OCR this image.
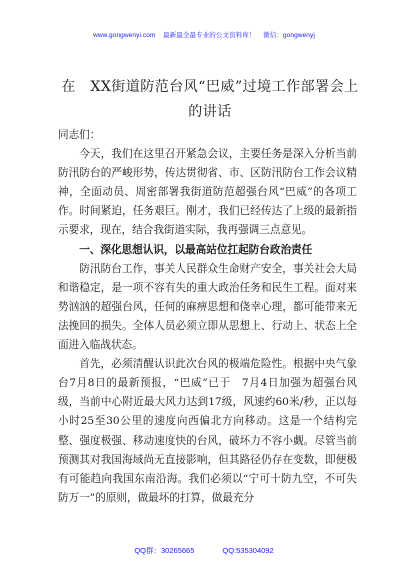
www.gongwenyi.com 最新最全最专业的公文资料库！ 微信：gongwenyj
在　XX街道防范台风“巴威”过境工作部署会上的讲话

同志们：

今天，我们在这里召开紧急会议，主要任务是深入分析当前防汛防台的严峻形势，传达贯彻省、市、区防汛防台工作会议精神，全面动员、周密部署我街道防范超强台风“巴威”的各项工作。时间紧迫，任务艰巨。刚才，我们已经传达了上级的最新指示要求，现在，结合我街道实际，我再强调三点意见。

一、深化思想认识，以最高站位扛起防台政治责任

防汛防台工作，事关人民群众生命财产安全，事关社会大局和谐稳定，是一项不容有失的重大政治任务和民生工程。面对来势汹汹的超强台风，任何的麻痹思想和侥幸心理，都可能带来无法挽回的损失。全体人员必须立即从思想上、行动上、状态上全面进入临战状态。

首先，必须清醒认识此次台风的极端危险性。根据中央气象台7月8日的最新预报，“巴威”已于　7月4日加强为超强台风级，当前中心附近最大风力达到17级，风速约60米/秒，正以每小时25至30公里的速度向西偏北方向移动。这是一个结构完整、强度极强、移动速度快的台风，破坏力不容小觑。尽管当前预测其对我国海域尚无直接影响，但其路径仍存在变数，即便极有可能趋向我国东南沿海。我们必须以“宁可十防九空，不可失防万一”的原则，做最坏的打算，做最充分

QQ群：30265665	QQ:535304092
